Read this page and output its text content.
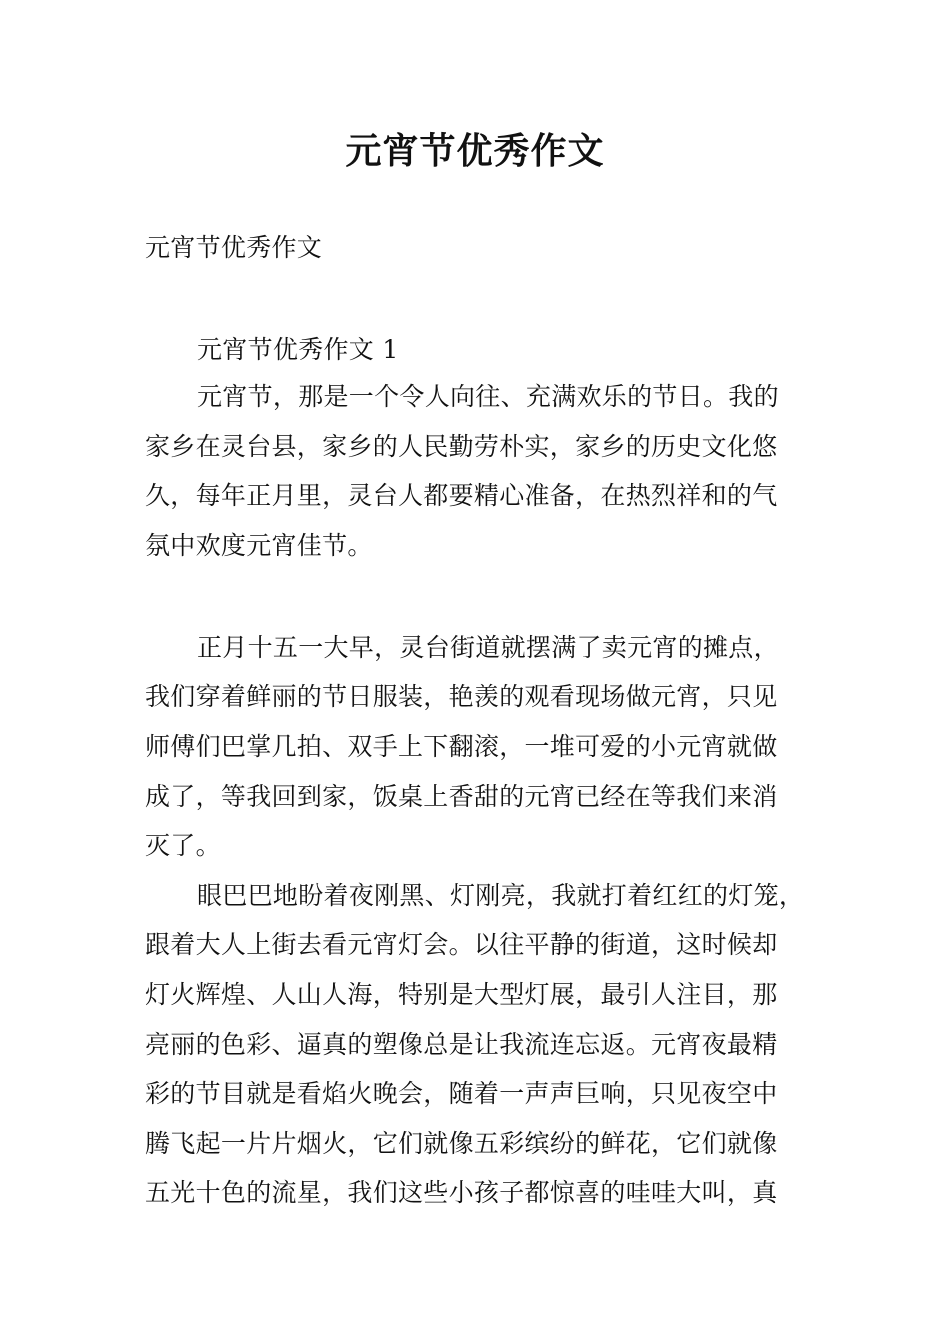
元宵节优秀作文
元宵节优秀作文
元宵节优秀作文 1
元宵节，那是一个令人向往、充满欢乐的节日。我的
家乡在灵台县，家乡的人民勤劳朴实，家乡的历史文化悠
久，每年正月里，灵台人都要精心准备，在热烈祥和的气
氛中欢度元宵佳节。
正月十五一大早，灵台街道就摆满了卖元宵的摊点，
我们穿着鲜丽的节日服装，艳羡的观看现场做元宵，只见
师傅们巴掌几拍、双手上下翻滚，一堆可爱的小元宵就做
成了，等我回到家，饭桌上香甜的元宵已经在等我们来消
灭了。
眼巴巴地盼着夜刚黑、灯刚亮，我就打着红红的灯笼，
跟着大人上街去看元宵灯会。以往平静的街道，这时候却
灯火辉煌、人山人海，特别是大型灯展，最引人注目，那
亮丽的色彩、逼真的塑像总是让我流连忘返。元宵夜最精
彩的节目就是看焰火晚会，随着一声声巨响，只见夜空中
腾飞起一片片烟火，它们就像五彩缤纷的鲜花，它们就像
五光十色的流星，我们这些小孩子都惊喜的哇哇大叫，真
